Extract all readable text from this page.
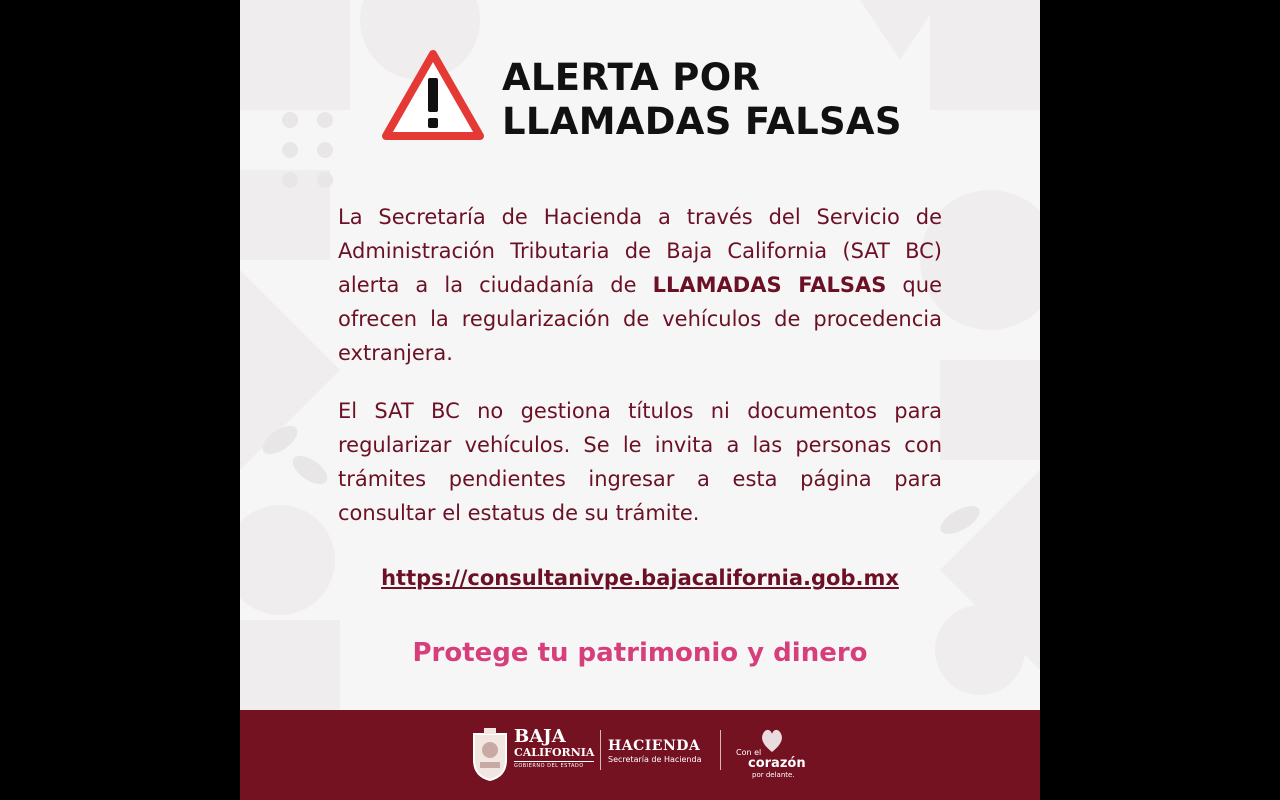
ALERTA POR
LLAMADAS FALSAS

La Secretaría de Hacienda a través del Servicio de Administración Tributaria de Baja California (SAT BC) alerta a la ciudadanía de LLAMADAS FALSAS que ofrecen la regularización de vehículos de procedencia extranjera.

El SAT BC no gestiona títulos ni documentos para regularizar vehículos. Se le invita a las personas con trámites pendientes ingresar a esta página para consultar el estatus de su trámite.

https://consultanivpe.bajacalifornia.gob.mx
Protege tu patrimonio y dinero
BAJA
CALIFORNIA
GOBIERNO DEL ESTADO
HACIENDA
Secretaría de Hacienda
Con el
corazón
por delante.
